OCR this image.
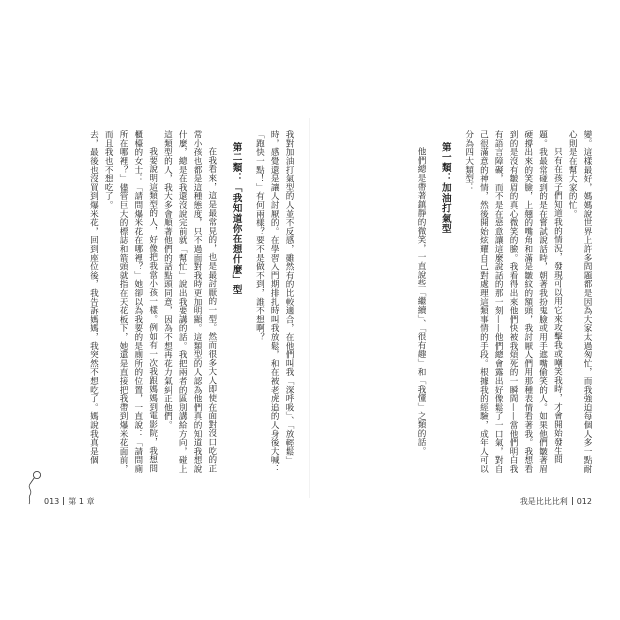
變。這樣最好，媽媽說世界上許多問題都是因為大家太過匆忙，而我強迫每個人多一點耐心則是在幫大家的忙。

只有在孩子們知道我的情況，發現可以用它來攻擊我或嘲笑我時，才會開始發生問題。我最常碰到的是在嘗試說話時，朝著我扮鬼臉或用手遮嘴偷笑的人。如果他們皺著眉硬撐出來的笑臉，上翹的嘴角和滿是皺紋的額頭，我討厭人們用那種表情看著我。我想看到的是沒有皺眉的真心微笑的臉。我看得出來他們快被我煩死的一瞬間——當他們明白我有語言障礙，而不是在惡意讓這麼說話的那一刻——他們總會露出好像鬆了一口氣，對自己很滿意的神情，然後開始炫耀自己對處理這類事情的手段。根據我的經驗，成年人可以分為四大類型：

第一類：加油打氣型

他們總是帶著鎮靜的微笑，一直說些「繼續」、「很有趣」和「我懂」之類的話。

我對加油打氣型的人並不反感，雖然有的比較適合，在他們叫我「深呼吸」、「放輕鬆」時，感覺還是讓人討厭的。在學習入門期排扎時叫我放鬆，和在被老虎追的人身後大喊：「跑快一點！」有何兩樣？要不是做不到，誰不想啊？

第二類：「我知道你在想什麼」型

在我看來，這是最常見的，也是最討厭的一型。然而很多大人即使在面對沒口吃的正常小孩也都是這種態度，只不過面對我時更加明顯。這類型的人認為他們真的知道我想說什麼，總是在我還沒說完前就「幫忙」說出我要講的話。我把兩者的區別講給方向，碰上這類型的人，我大多會順著他們的話點頭同意，因為不想再花力氣糾正他們。

我要說明這類型的人，好像把我當小孩一樣。例如有一次我跟媽媽到電影院，我想問櫃檯的女士：「請問爆米花在哪裡？」她卻以為我要的是廁所的位置，一直說：「請問廁所在哪裡？」儘管巨大的標誌和箭頭就指在天花板下，她還是直接把我帶到爆米花面前，而且我也不想吃了。

去，最後也沒買到爆米花，回到座位後，我告訴媽媽，我突然不想吃了。媽說我真是個

013 第 1 章	我是比比比利 012
